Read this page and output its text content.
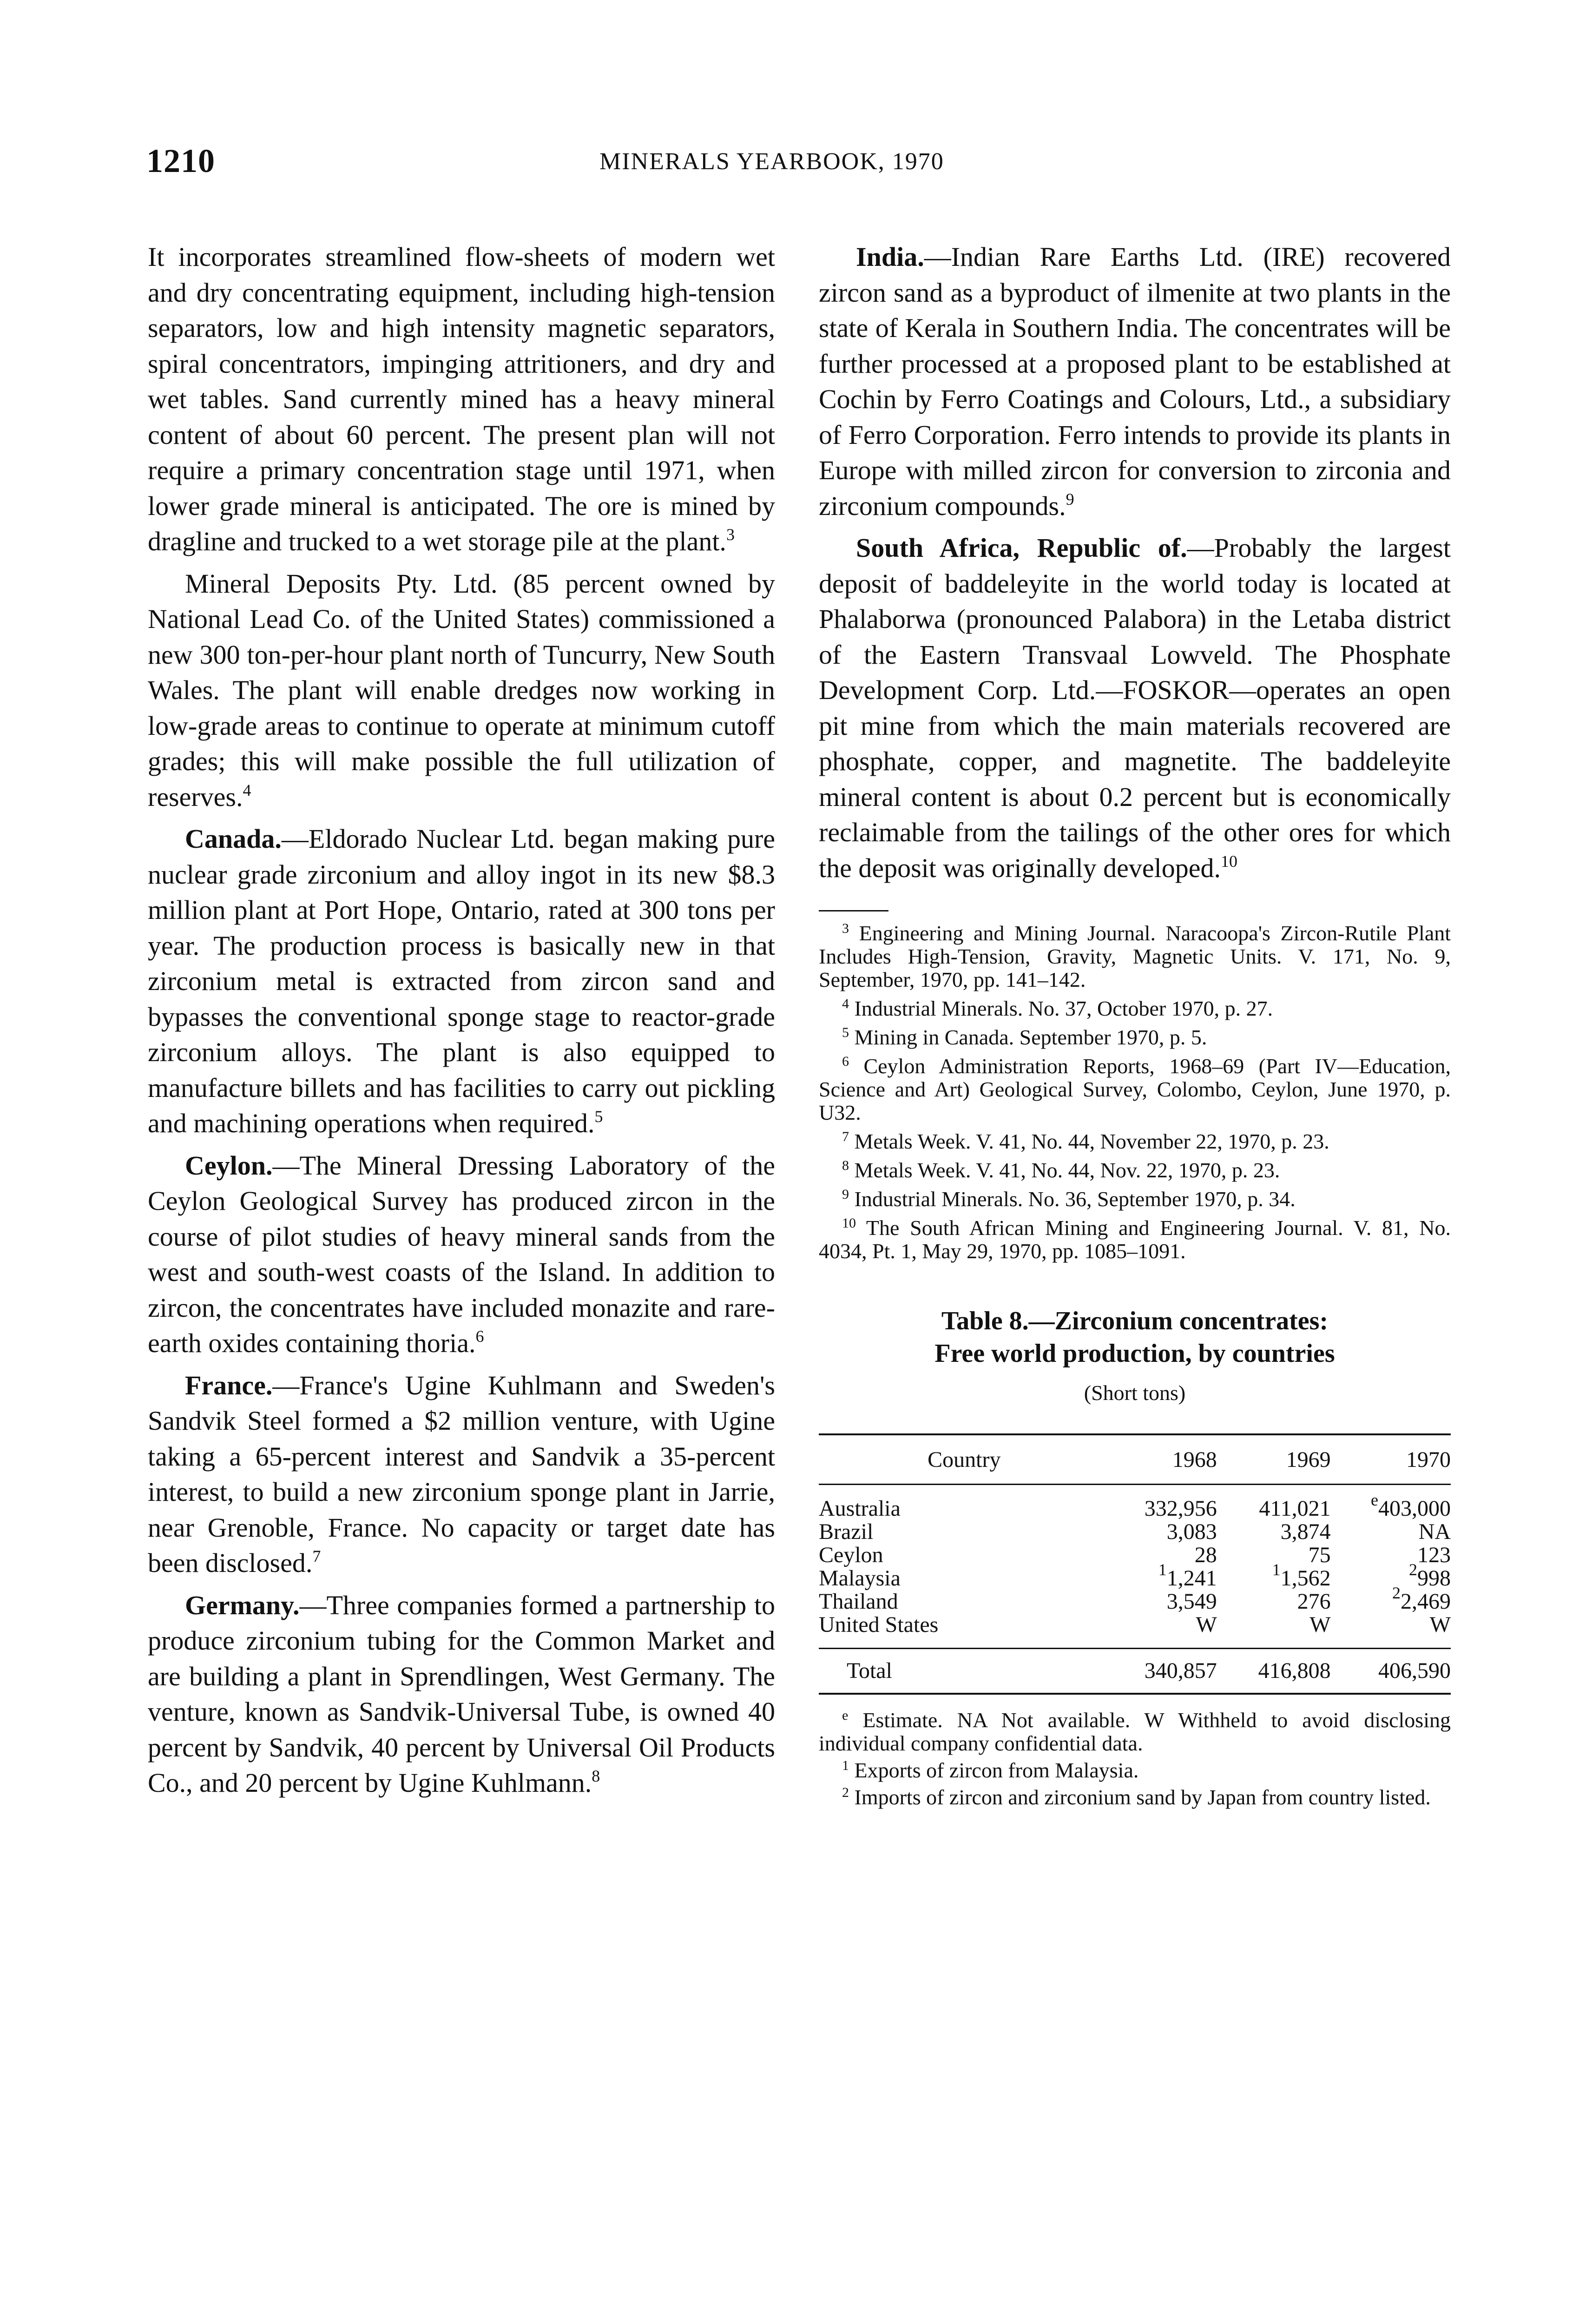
1210	MINERALS YEARBOOK, 1970

It incorporates streamlined flow-sheets of modern wet and dry concentrating equipment, including high-tension separators, low and high intensity magnetic separators, spiral concentrators, impinging attritioners, and dry and wet tables. Sand currently mined has a heavy mineral content of about 60 percent. The present plan will not require a primary concentration stage until 1971, when lower grade mineral is anticipated. The ore is mined by dragline and trucked to a wet storage pile at the plant.$^3$

Mineral Deposits Pty. Ltd. (85 percent owned by National Lead Co. of the United States) commissioned a new 300 ton-per-hour plant north of Tuncurry, New South Wales. The plant will enable dredges now working in low-grade areas to continue to operate at minimum cutoff grades; this will make possible the full utilization of reserves.$^4$

Canada.—Eldorado Nuclear Ltd. began making pure nuclear grade zirconium and alloy ingot in its new $8.3 million plant at Port Hope, Ontario, rated at 300 tons per year. The production process is basically new in that zirconium metal is extracted from zircon sand and bypasses the conventional sponge stage to reactor-grade zirconium alloys. The plant is also equipped to manufacture billets and has facilities to carry out pickling and machining operations when required.$^5$

Ceylon.—The Mineral Dressing Laboratory of the Ceylon Geological Survey has produced zircon in the course of pilot studies of heavy mineral sands from the west and south-west coasts of the Island. In addition to zircon, the concentrates have included monazite and rare-earth oxides containing thoria.$^6$

France.—France's Ugine Kuhlmann and Sweden's Sandvik Steel formed a $2 million venture, with Ugine taking a 65-percent interest and Sandvik a 35-percent interest, to build a new zirconium sponge plant in Jarrie, near Grenoble, France. No capacity or target date has been disclosed.$^7$

Germany.—Three companies formed a partnership to produce zirconium tubing for the Common Market and are building a plant in Sprendlingen, West Germany. The venture, known as Sandvik-Universal Tube, is owned 40 percent by Sandvik, 40 percent by Universal Oil Products Co., and 20 percent by Ugine Kuhlmann.$^8$

India.—Indian Rare Earths Ltd. (IRE) recovered zircon sand as a byproduct of ilmenite at two plants in the state of Kerala in Southern India. The concentrates will be further processed at a proposed plant to be established at Cochin by Ferro Coatings and Colours, Ltd., a subsidiary of Ferro Corporation. Ferro intends to provide its plants in Europe with milled zircon for conversion to zirconia and zirconium compounds.$^9$

South Africa, Republic of.—Probably the largest deposit of baddeleyite in the world today is located at Phalaborwa (pronounced Palabora) in the Letaba district of the Eastern Transvaal Lowveld. The Phosphate Development Corp. Ltd.—FOSKOR—operates an open pit mine from which the main materials recovered are phosphate, copper, and magnetite. The baddeleyite mineral content is about 0.2 percent but is economically reclaimable from the tailings of the other ores for which the deposit was originally developed.$^{10}$

$^3$ Engineering and Mining Journal. Naracoopa's Zircon-Rutile Plant Includes High-Tension, Gravity, Magnetic Units. V. 171, No. 9, September, 1970, pp. 141–142.
$^4$ Industrial Minerals. No. 37, October 1970, p. 27.
$^5$ Mining in Canada. September 1970, p. 5.
$^6$ Ceylon Administration Reports, 1968–69 (Part IV—Education, Science and Art) Geological Survey, Colombo, Ceylon, June 1970, p. U32.
$^7$ Metals Week. V. 41, No. 44, November 22, 1970, p. 23.
$^8$ Metals Week. V. 41, No. 44, Nov. 22, 1970, p. 23.
$^9$ Industrial Minerals. No. 36, September 1970, p. 34.
$^{10}$ The South African Mining and Engineering Journal. V. 81, No. 4034, Pt. 1, May 29, 1970, pp. 1085–1091.
Table 8.—Zirconium concentrates:
Free world production, by countries
(Short tons)
Country	1968	1969	1970
Australia	332,956	411,021	$^e$403,000
Brazil	3,083	3,874	NA
Ceylon	28	75	123
Malaysia	$^1$1,241	$^1$1,562	$^2$998
Thailand	3,549	276	$^2$2,469
United States	W	W	W
Total	340,857	416,808	406,590
$^e$ Estimate. NA Not available. W Withheld to avoid disclosing individual company confidential data.
$^1$ Exports of zircon from Malaysia.
$^2$ Imports of zircon and zirconium sand by Japan from country listed.
